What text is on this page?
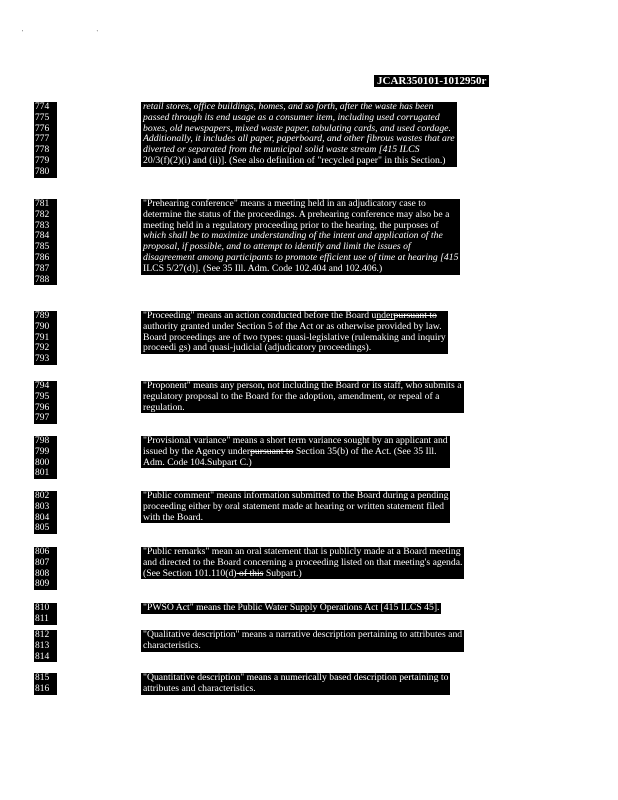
' '
JCAR350101-1012950r
774
775
776
777
778
779
780
781
782
783
784
785
786
787
788
789
790
791
792
793
794
795
796
797
798
799
800
801
802
803
804
805
806
807
808
809
810
811
812
813
814
815
816
retail stores, office buildings, homes, and so forth, after the waste has been
passed through its end usage as a consumer item, including used corrugated
boxes, old newspapers, mixed waste paper, tabulating cards, and used cordage.
Additionally, it includes all paper, paperboard, and other fibrous wastes that are
diverted or separated from the municipal solid waste stream [415 ILCS
20/3(f)(2)(i) and (ii)]. (See also definition of "recycled paper" in this Section.)
"Prehearing conference" means a meeting held in an adjudicatory case to
determine the status of the proceedings. A prehearing conference may also be a
meeting held in a regulatory proceeding prior to the hearing, the purposes of
which shall be to maximize understanding of the intent and application of the
proposal, if possible, and to attempt to identify and limit the issues of
disagreement among participants to promote efficient use of time at hearing [415
ILCS 5/27(d)]. (See 35 Ill. Adm. Code 102.404 and 102.406.)
"Proceeding" means an action conducted before the Board underpursuant to
authority granted under Section 5 of the Act or as otherwise provided by law.
Board proceedings are of two types: quasi-legislative (rulemaking and inquiry
proceedi gs) and quasi-judicial (adjudicatory proceedings).
"Proponent" means any person, not including the Board or its staff, who submits a
regulatory proposal to the Board for the adoption, amendment, or repeal of a
regulation.
"Provisional variance" means a short term variance sought by an applicant and
issued by the Agency underpursuant to Section 35(b) of the Act. (See 35 Ill.
Adm. Code 104.Subpart C.)
"Public comment" means information submitted to the Board during a pending
proceeding either by oral statement made at hearing or written statement filed
with the Board.
"Public remarks" mean an oral statement that is publicly made at a Board meeting
and directed to the Board concerning a proceeding listed on that meeting's agenda.
(See Section 101.110(d) of this Subpart.)
"PWSO Act" means the Public Water Supply Operations Act [415 ILCS 45].
"Qualitative description" means a narrative description pertaining to attributes and
characteristics.
"Quantitative description" means a numerically based description pertaining to
attributes and characteristics.
